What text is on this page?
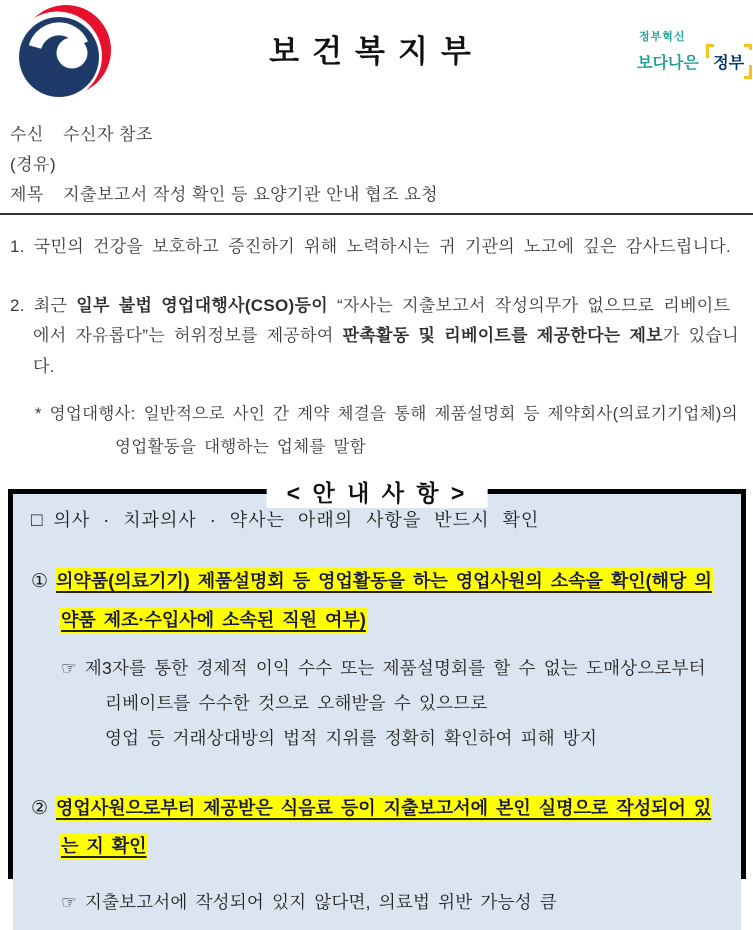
보건복지부	정부혁신
보다나은 정부
수신 수신자 참조
(경유)
제목 지출보고서 작성 확인 등 요양기관 안내 협조 요청
1. 국민의 건강을 보호하고 증진하기 위해 노력하시는 귀 기관의 노고에 깊은 감사드립니다.
2. 최근 일부 불법 영업대행사(CSO)등이 “자사는 지출보고서 작성의무가 없으므로 리베이트에서 자유롭다”는 허위정보를 제공하여 판촉활동 및 리베이트를 제공한다는 제보가 있습니다.
* 영업대행사: 일반적으로 사인 간 계약 체결을 통해 제품설명회 등 제약회사(의료기기업체)의
영업활동을 대행하는 업체를 말함
< 안 내 사 항 >
□ 의사 · 치과의사 · 약사는 아래의 사항을 반드시 확인
① 의약품(의료기기) 제품설명회 등 영업활동을 하는 영업사원의 소속을 확인(해당 의약품 제조·수입사에 소속된 직원 여부)
☞ 제3자를 통한 경제적 이익 수수 또는 제품설명회를 할 수 없는 도매상으로부터
리베이트를 수수한 것으로 오해받을 수 있으므로
영업 등 거래상대방의 법적 지위를 정확히 확인하여 피해 방지
② 영업사원으로부터 제공받은 식음료 등이 지출보고서에 본인 실명으로 작성되어 있는 지 확인
☞ 지출보고서에 작성되어 있지 않다면, 의료법 위반 가능성 큼
